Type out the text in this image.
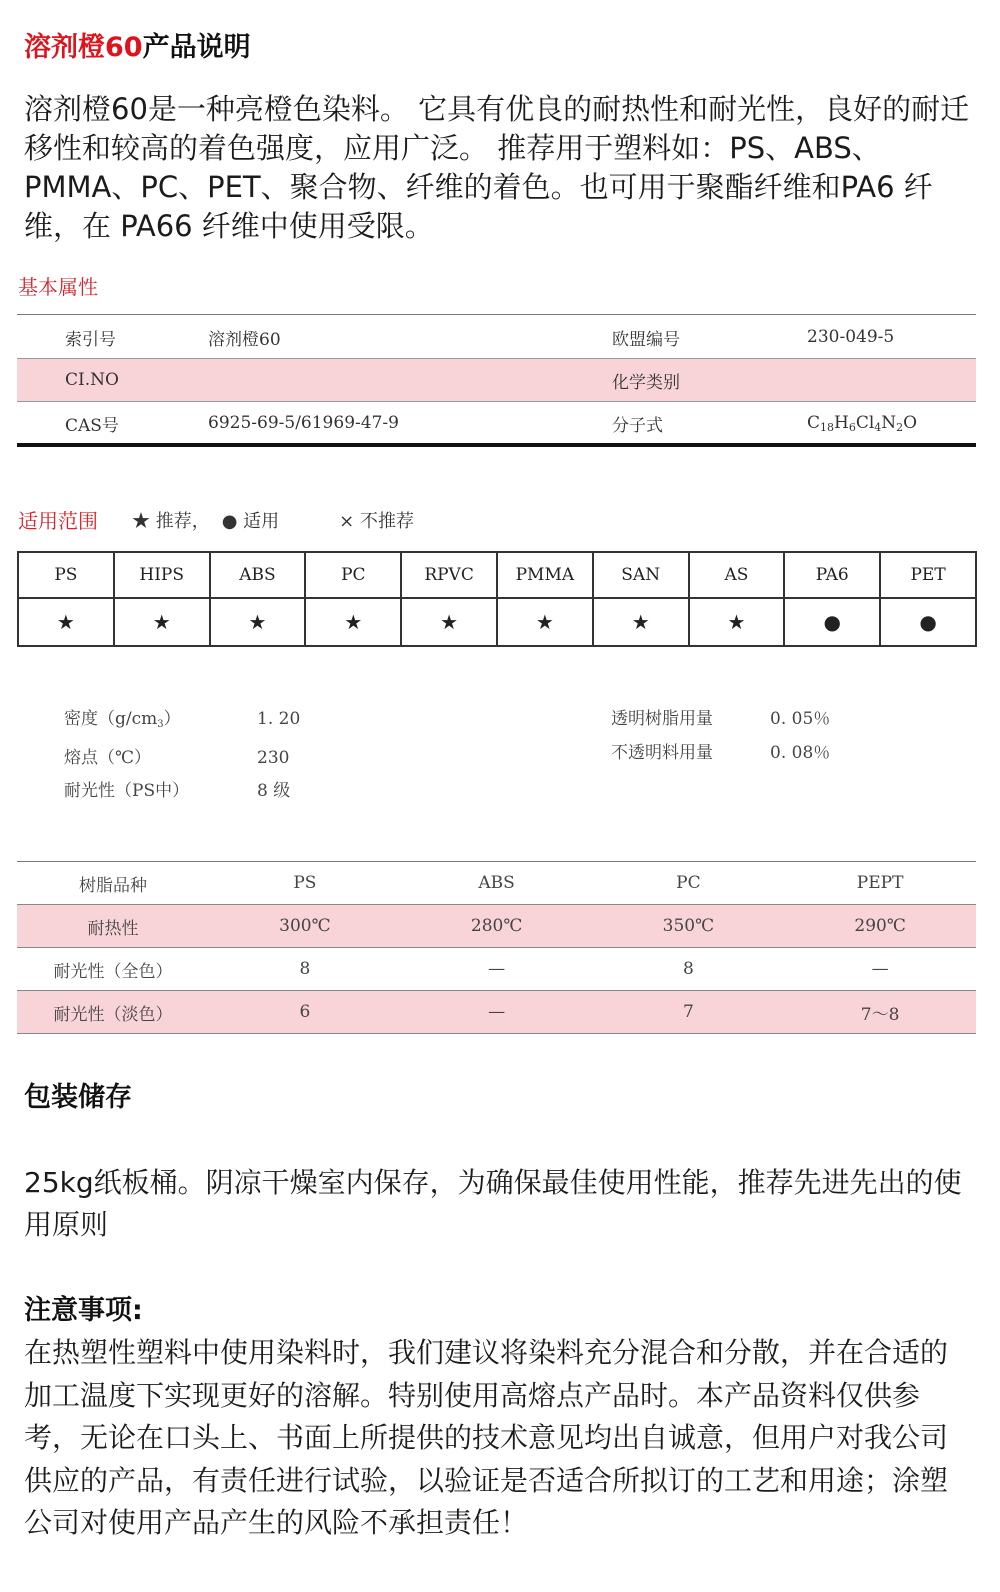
溶剂橙60产品说明
溶剂橙60是一种亮橙色染料。 它具有优良的耐热性和耐光性，良好的耐迁移性和较高的着色强度，应用广泛。 推荐用于塑料如：PS、ABS、PMMA、PC、PET、聚合物、纤维的着色。也可用于聚酯纤维和PA6 纤维，在 PA66 纤维中使用受限。
基本属性
索引号	溶剂橙60	欧盟编号	230-049-5
CI.NO		化学类别	
CAS号	6925-69-5/61969-47-9	分子式	$C_{18}H_6Cl_4N_2O$
适用范围 ★ 推荐， ● 适用	× 不推荐
PS	HIPS	ABS	PC	RPVC	PMMA	SAN	AS	PA6	PET
★	★	★	★	★	★	★	★	●	●
密度$(g/cm_3)$	1. 20
熔点（℃）	230
耐光性（PS中）	8 级
透明树脂用量	0. 05％
不透明料用量	0. 08％
树脂品种	PS	ABS	PC	PEPT
耐热性	300℃	280℃	350℃	290℃
耐光性（全色）	8	—	8	—
耐光性（淡色）	6	—	7	7～8
包装储存
25kg纸板桶。阴凉干燥室内保存，为确保最佳使用性能，推荐先进先出的使用原则
注意事项:
在热塑性塑料中使用染料时，我们建议将染料充分混合和分散，并在合适的加工温度下实现更好的溶解。特别使用高熔点产品时。本产品资料仅供参考，无论在口头上、书面上所提供的技术意见均出自诚意，但用户对我公司供应的产品，有责任进行试验，以验证是否适合所拟订的工艺和用途；涂塑公司对使用产品产生的风险不承担责任！
